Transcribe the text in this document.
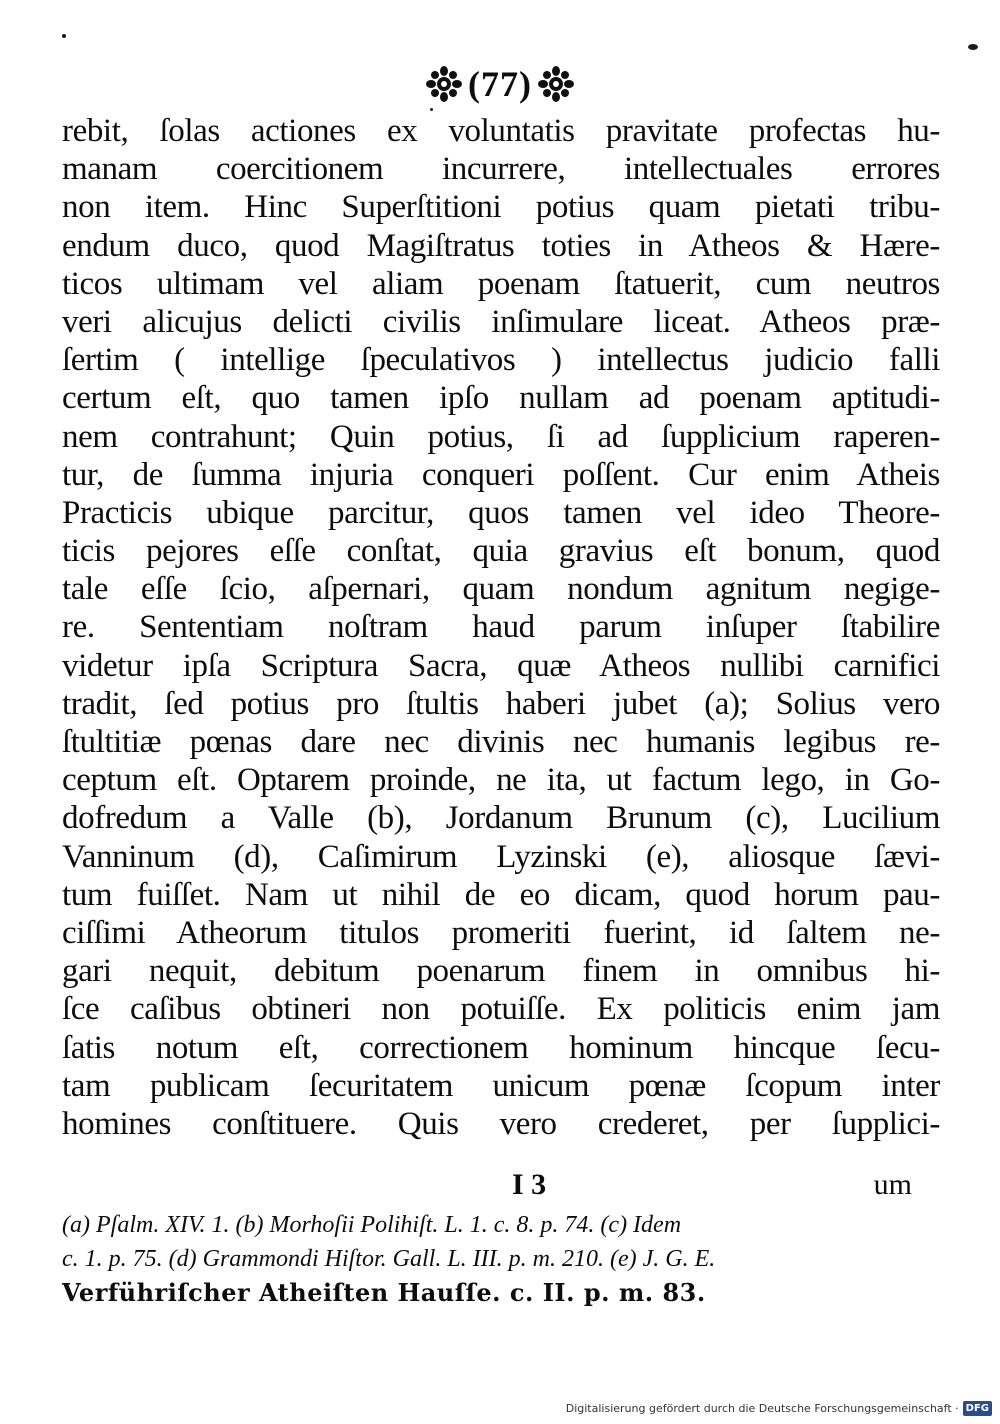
(77)
rebit, ſolas actiones ex voluntatis pravitate profectas hu-
manam coercitionem incurrere, intellectuales errores
non item. Hinc Superſtitioni potius quam pietati tribu-
endum duco, quod Magiſtratus toties in Atheos & Hære-
ticos ultimam vel aliam poenam ſtatuerit, cum neutros
veri alicujus delicti civilis inſimulare liceat. Atheos præ-
ſertim ( intellige ſpeculativos ) intellectus judicio falli
certum eſt, quo tamen ipſo nullam ad poenam aptitudi-
nem contrahunt; Quin potius, ſi ad ſupplicium raperen-
tur, de ſumma injuria conqueri poſſent. Cur enim Atheis
Practicis ubique parcitur, quos tamen vel ideo Theore-
ticis pejores eſſe conſtat, quia gravius eſt bonum, quod
tale eſſe ſcio, aſpernari, quam nondum agnitum negige-
re. Sententiam noſtram haud parum inſuper ſtabilire
videtur ipſa Scriptura Sacra, quæ Atheos nullibi carnifici
tradit, ſed potius pro ſtultis haberi jubet (a); Solius vero
ſtultitiæ pœnas dare nec divinis nec humanis legibus re-
ceptum eſt. Optarem proinde, ne ita, ut factum lego, in Go-
dofredum a Valle (b), Jordanum Brunum (c), Lucilium
Vanninum (d), Caſimirum Lyzinski (e), aliosque ſævi-
tum fuiſſet. Nam ut nihil de eo dicam, quod horum pau-
ciſſimi Atheorum titulos promeriti fuerint, id ſaltem ne-
gari nequit, debitum poenarum finem in omnibus hi-
ſce caſibus obtineri non potuiſſe. Ex politicis enim jam
ſatis notum eſt, correctionem hominum hincque ſecu-
tam publicam ſecuritatem unicum pœnæ ſcopum inter
homines conſtituere. Quis vero crederet, per ſupplici-
I 3	um
(a) Pſalm. XIV. 1. (b) Morhoſii Polihiſt. L. 1. c. 8. p. 74. (c) Idem
c. 1. p. 75. (d) Grammondi Hiſtor. Gall. L. III. p. m. 210. (e) J. G. E.
Verführiſcher Atheiſten Hauſſe. c. II. p. m. 83.
Digitalisierung gefördert durch die Deutsche Forschungsgemeinschaft · DFG
